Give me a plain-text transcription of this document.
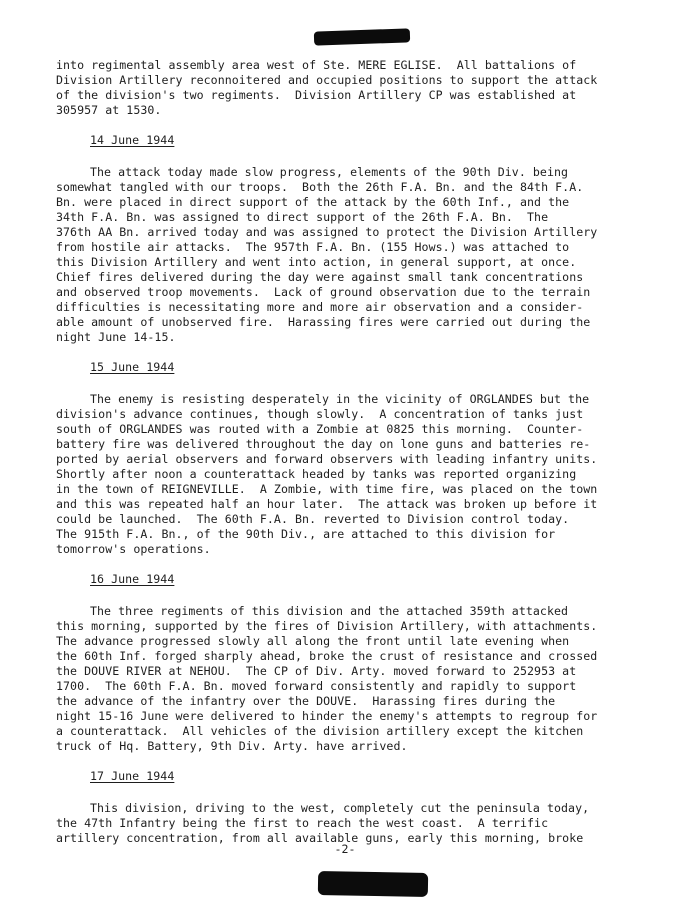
into regimental assembly area west of Ste. MERE EGLISE.  All battalions of
Division Artillery reconnoitered and occupied positions to support the attack
of the division's two regiments.  Division Artillery CP was established at
305957 at 1530.
14 June 1944
The attack today made slow progress, elements of the 90th Div. being
somewhat tangled with our troops.  Both the 26th F.A. Bn. and the 84th F.A.
Bn. were placed in direct support of the attack by the 60th Inf., and the
34th F.A. Bn. was assigned to direct support of the 26th F.A. Bn.  The
376th AA Bn. arrived today and was assigned to protect the Division Artillery
from hostile air attacks.  The 957th F.A. Bn. (155 Hows.) was attached to
this Division Artillery and went into action, in general support, at once.
Chief fires delivered during the day were against small tank concentrations
and observed troop movements.  Lack of ground observation due to the terrain
difficulties is necessitating more and more air observation and a consider-
able amount of unobserved fire.  Harassing fires were carried out during the
night June 14-15.
15 June 1944
The enemy is resisting desperately in the vicinity of ORGLANDES but the
division's advance continues, though slowly.  A concentration of tanks just
south of ORGLANDES was routed with a Zombie at 0825 this morning.  Counter-
battery fire was delivered throughout the day on lone guns and batteries re-
ported by aerial observers and forward observers with leading infantry units.
Shortly after noon a counterattack headed by tanks was reported organizing
in the town of REIGNEVILLE.  A Zombie, with time fire, was placed on the town
and this was repeated half an hour later.  The attack was broken up before it
could be launched.  The 60th F.A. Bn. reverted to Division control today.
The 915th F.A. Bn., of the 90th Div., are attached to this division for
tomorrow's operations.
16 June 1944
The three regiments of this division and the attached 359th attacked
this morning, supported by the fires of Division Artillery, with attachments.
The advance progressed slowly all along the front until late evening when
the 60th Inf. forged sharply ahead, broke the crust of resistance and crossed
the DOUVE RIVER at NEHOU.  The CP of Div. Arty. moved forward to 252953 at
1700.  The 60th F.A. Bn. moved forward consistently and rapidly to support
the advance of the infantry over the DOUVE.  Harassing fires during the
night 15-16 June were delivered to hinder the enemy's attempts to regroup for
a counterattack.  All vehicles of the division artillery except the kitchen
truck of Hq. Battery, 9th Div. Arty. have arrived.
17 June 1944
This division, driving to the west, completely cut the peninsula today,
the 47th Infantry being the first to reach the west coast.  A terrific
artillery concentration, from all available guns, early this morning, broke
-2-
